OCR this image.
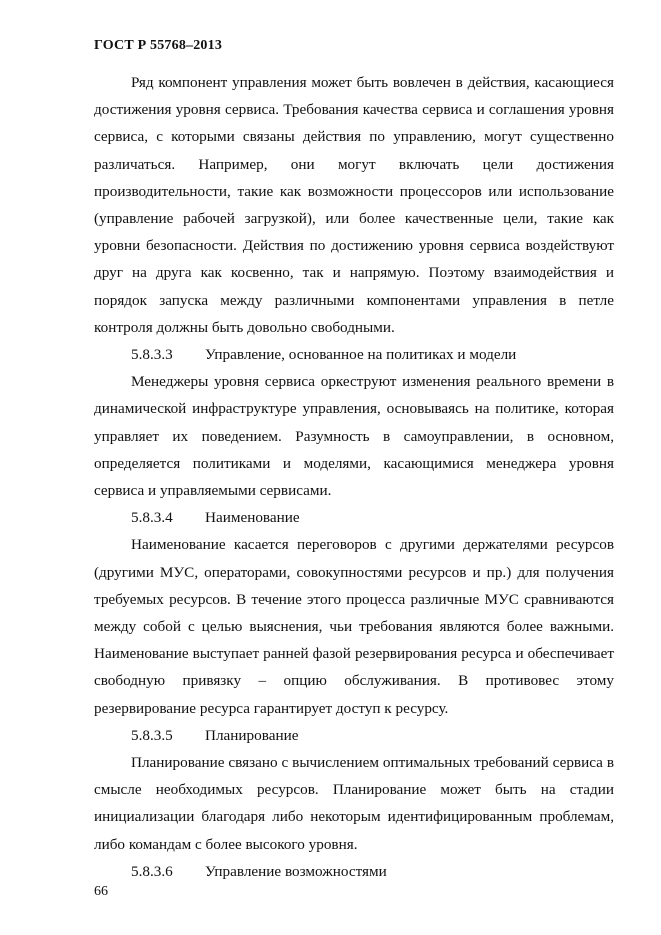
ГОСТ Р 55768–2013

Ряд компонент управления может быть вовлечен в действия, касающиеся достижения уровня сервиса. Требования качества сервиса и соглашения уровня сервиса, с которыми связаны действия по управлению, могут существенно различаться. Например, они могут включать цели достижения производительности, такие как возможности процессоров или использование (управление рабочей загрузкой), или более качественные цели, такие как уровни безопасности. Действия по достижению уровня сервиса воздействуют друг на друга как косвенно, так и напрямую. Поэтому взаимодействия и порядок запуска между различными компонентами управления в петле контроля должны быть довольно свободными.

5.8.3.3 Управление, основанное на политиках и модели

Менеджеры уровня сервиса оркеструют изменения реального времени в динамической инфраструктуре управления, основываясь на политике, которая управляет их поведением. Разумность в самоуправлении, в основном, определяется политиками и моделями, касающимися менеджера уровня сервиса и управляемыми сервисами.

5.8.3.4 Наименование

Наименование касается переговоров с другими держателями ресурсов (другими МУС, операторами, совокупностями ресурсов и пр.) для получения требуемых ресурсов. В течение этого процесса различные МУС сравниваются между собой с целью выяснения, чьи требования являются более важными. Наименование выступает ранней фазой резервирования ресурса и обеспечивает свободную привязку – опцию обслуживания. В противовес этому резервирование ресурса гарантирует доступ к ресурсу.

5.8.3.5 Планирование

Планирование связано с вычислением оптимальных требований сервиса в смысле необходимых ресурсов. Планирование может быть на стадии инициализации благодаря либо некоторым идентифицированным проблемам, либо командам с более высокого уровня.

5.8.3.6 Управление возможностями

66
